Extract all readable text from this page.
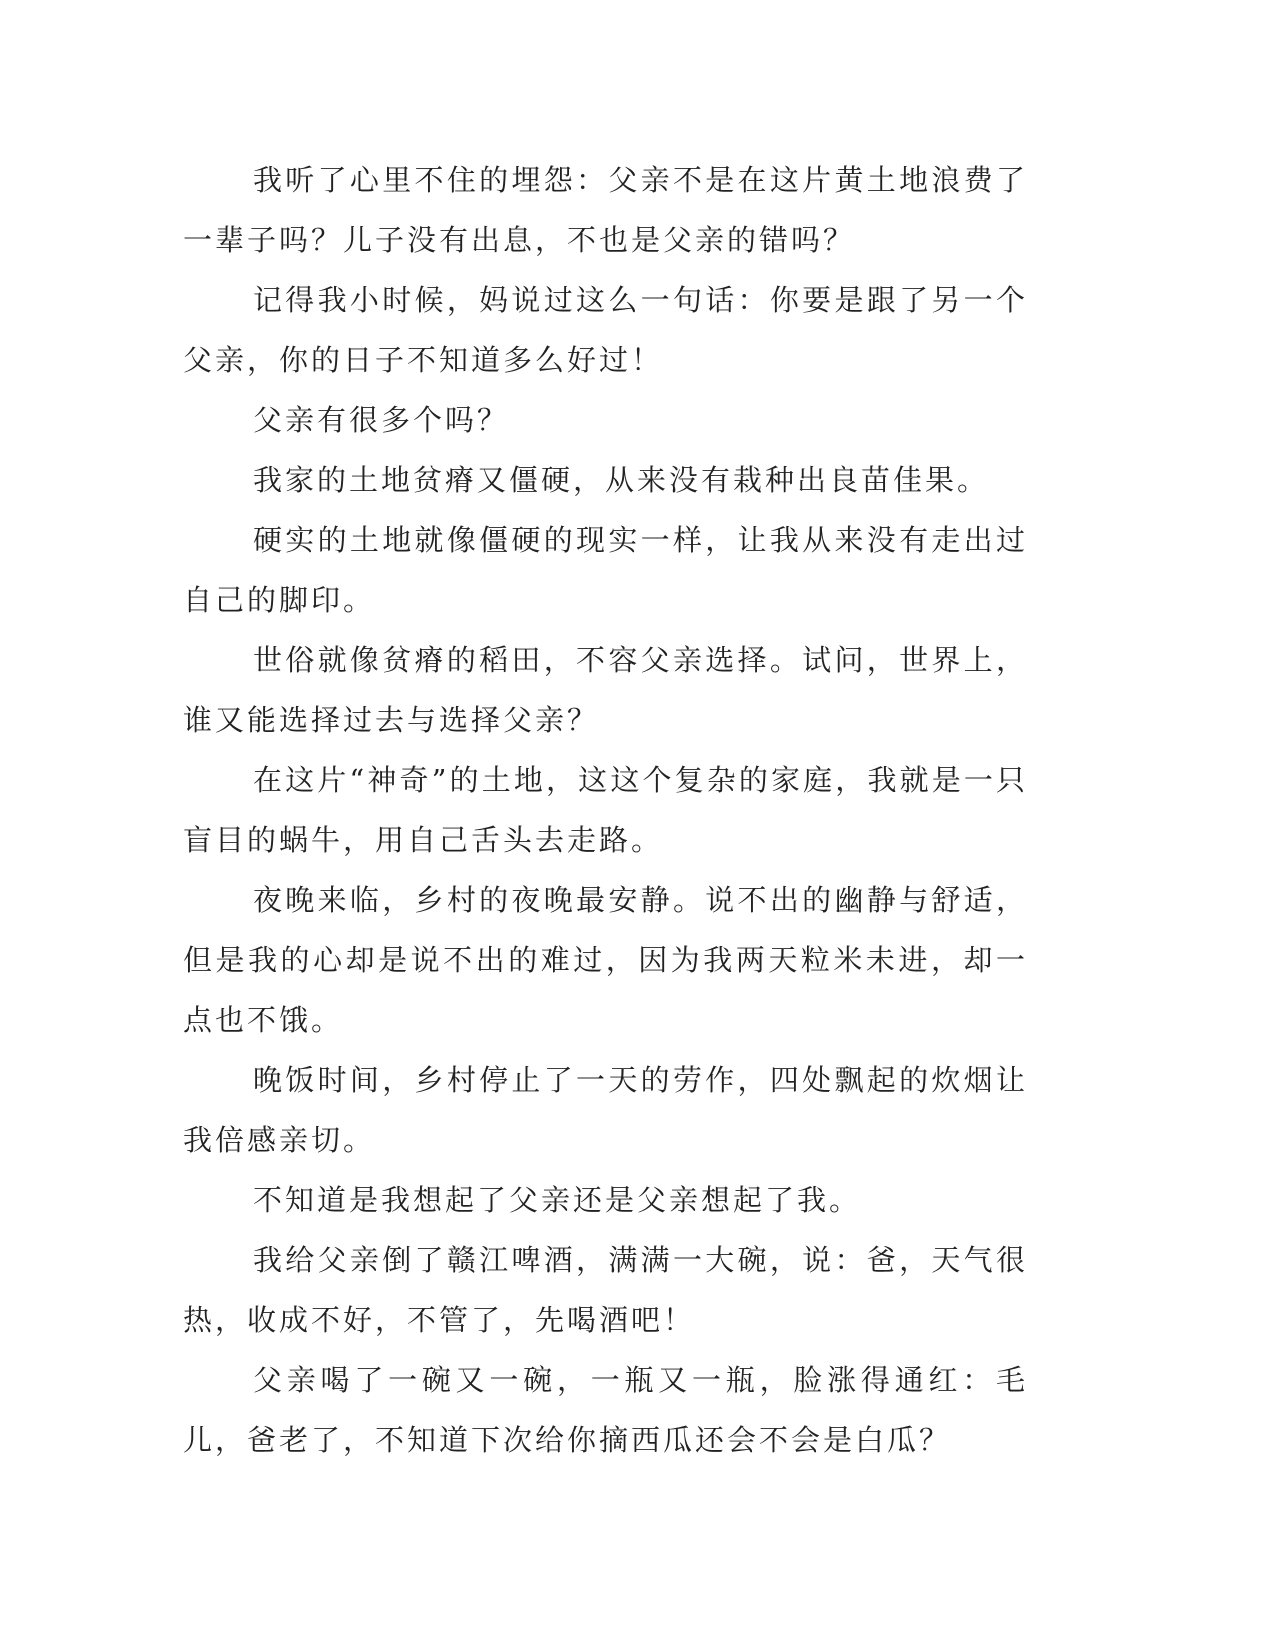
我听了心里不住的埋怨：父亲不是在这片黄土地浪费了一辈子吗？儿子没有出息，不也是父亲的错吗？

记得我小时候，妈说过这么一句话：你要是跟了另一个父亲，你的日子不知道多么好过！

父亲有很多个吗？

我家的土地贫瘠又僵硬，从来没有栽种出良苗佳果。

硬实的土地就像僵硬的现实一样，让我从来没有走出过自己的脚印。

世俗就像贫瘠的稻田，不容父亲选择。试问，世界上，谁又能选择过去与选择父亲？

在这片“神奇”的土地，这这个复杂的家庭，我就是一只盲目的蜗牛，用自己舌头去走路。

夜晚来临，乡村的夜晚最安静。说不出的幽静与舒适，但是我的心却是说不出的难过，因为我两天粒米未进，却一点也不饿。

晚饭时间，乡村停止了一天的劳作，四处飘起的炊烟让我倍感亲切。

不知道是我想起了父亲还是父亲想起了我。

我给父亲倒了赣江啤酒，满满一大碗，说：爸，天气很热，收成不好，不管了，先喝酒吧！

父亲喝了一碗又一碗，一瓶又一瓶，脸涨得通红：毛儿，爸老了，不知道下次给你摘西瓜还会不会是白瓜？
